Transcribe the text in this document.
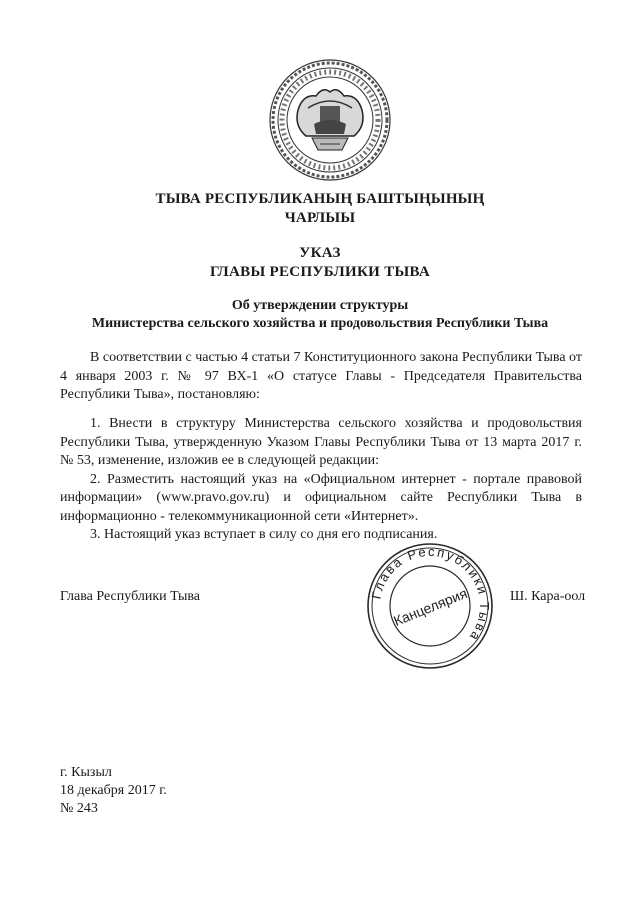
ТЫВА РЕСПУБЛИКАНЫҢ БАШТЫҢЫНЫҢ
ЧАРЛЫЫ
УКАЗ
ГЛАВЫ РЕСПУБЛИКИ ТЫВА
Об утверждении структуры
Министерства сельского хозяйства и продовольствия Республики Тыва

В соответствии с частью 4 статьи 7 Конституционного закона Республики Тыва от 4 января 2003 г. № 97 ВХ-1 «О статусе Главы - Председателя Правительства Республики Тыва», постановляю:

1. Внести в структуру Министерства сельского хозяйства и продовольствия Республики Тыва, утвержденную Указом Главы Республики Тыва от 13 марта 2017 г. № 53, изменение, изложив ее в следующей редакции:

2. Разместить настоящий указ на «Официальном интернет - портале правовой информации» (www.pravo.gov.ru) и официальном сайте Республики Тыва в информационно - телекоммуникационной сети «Интернет».

3. Настоящий указ вступает в силу со дня его подписания.

Глава Республики Тыва	Глава Республики Тыва
Канцелярия	Ш. Кара-оол
г. Кызыл
18 декабря 2017 г.
№ 243
